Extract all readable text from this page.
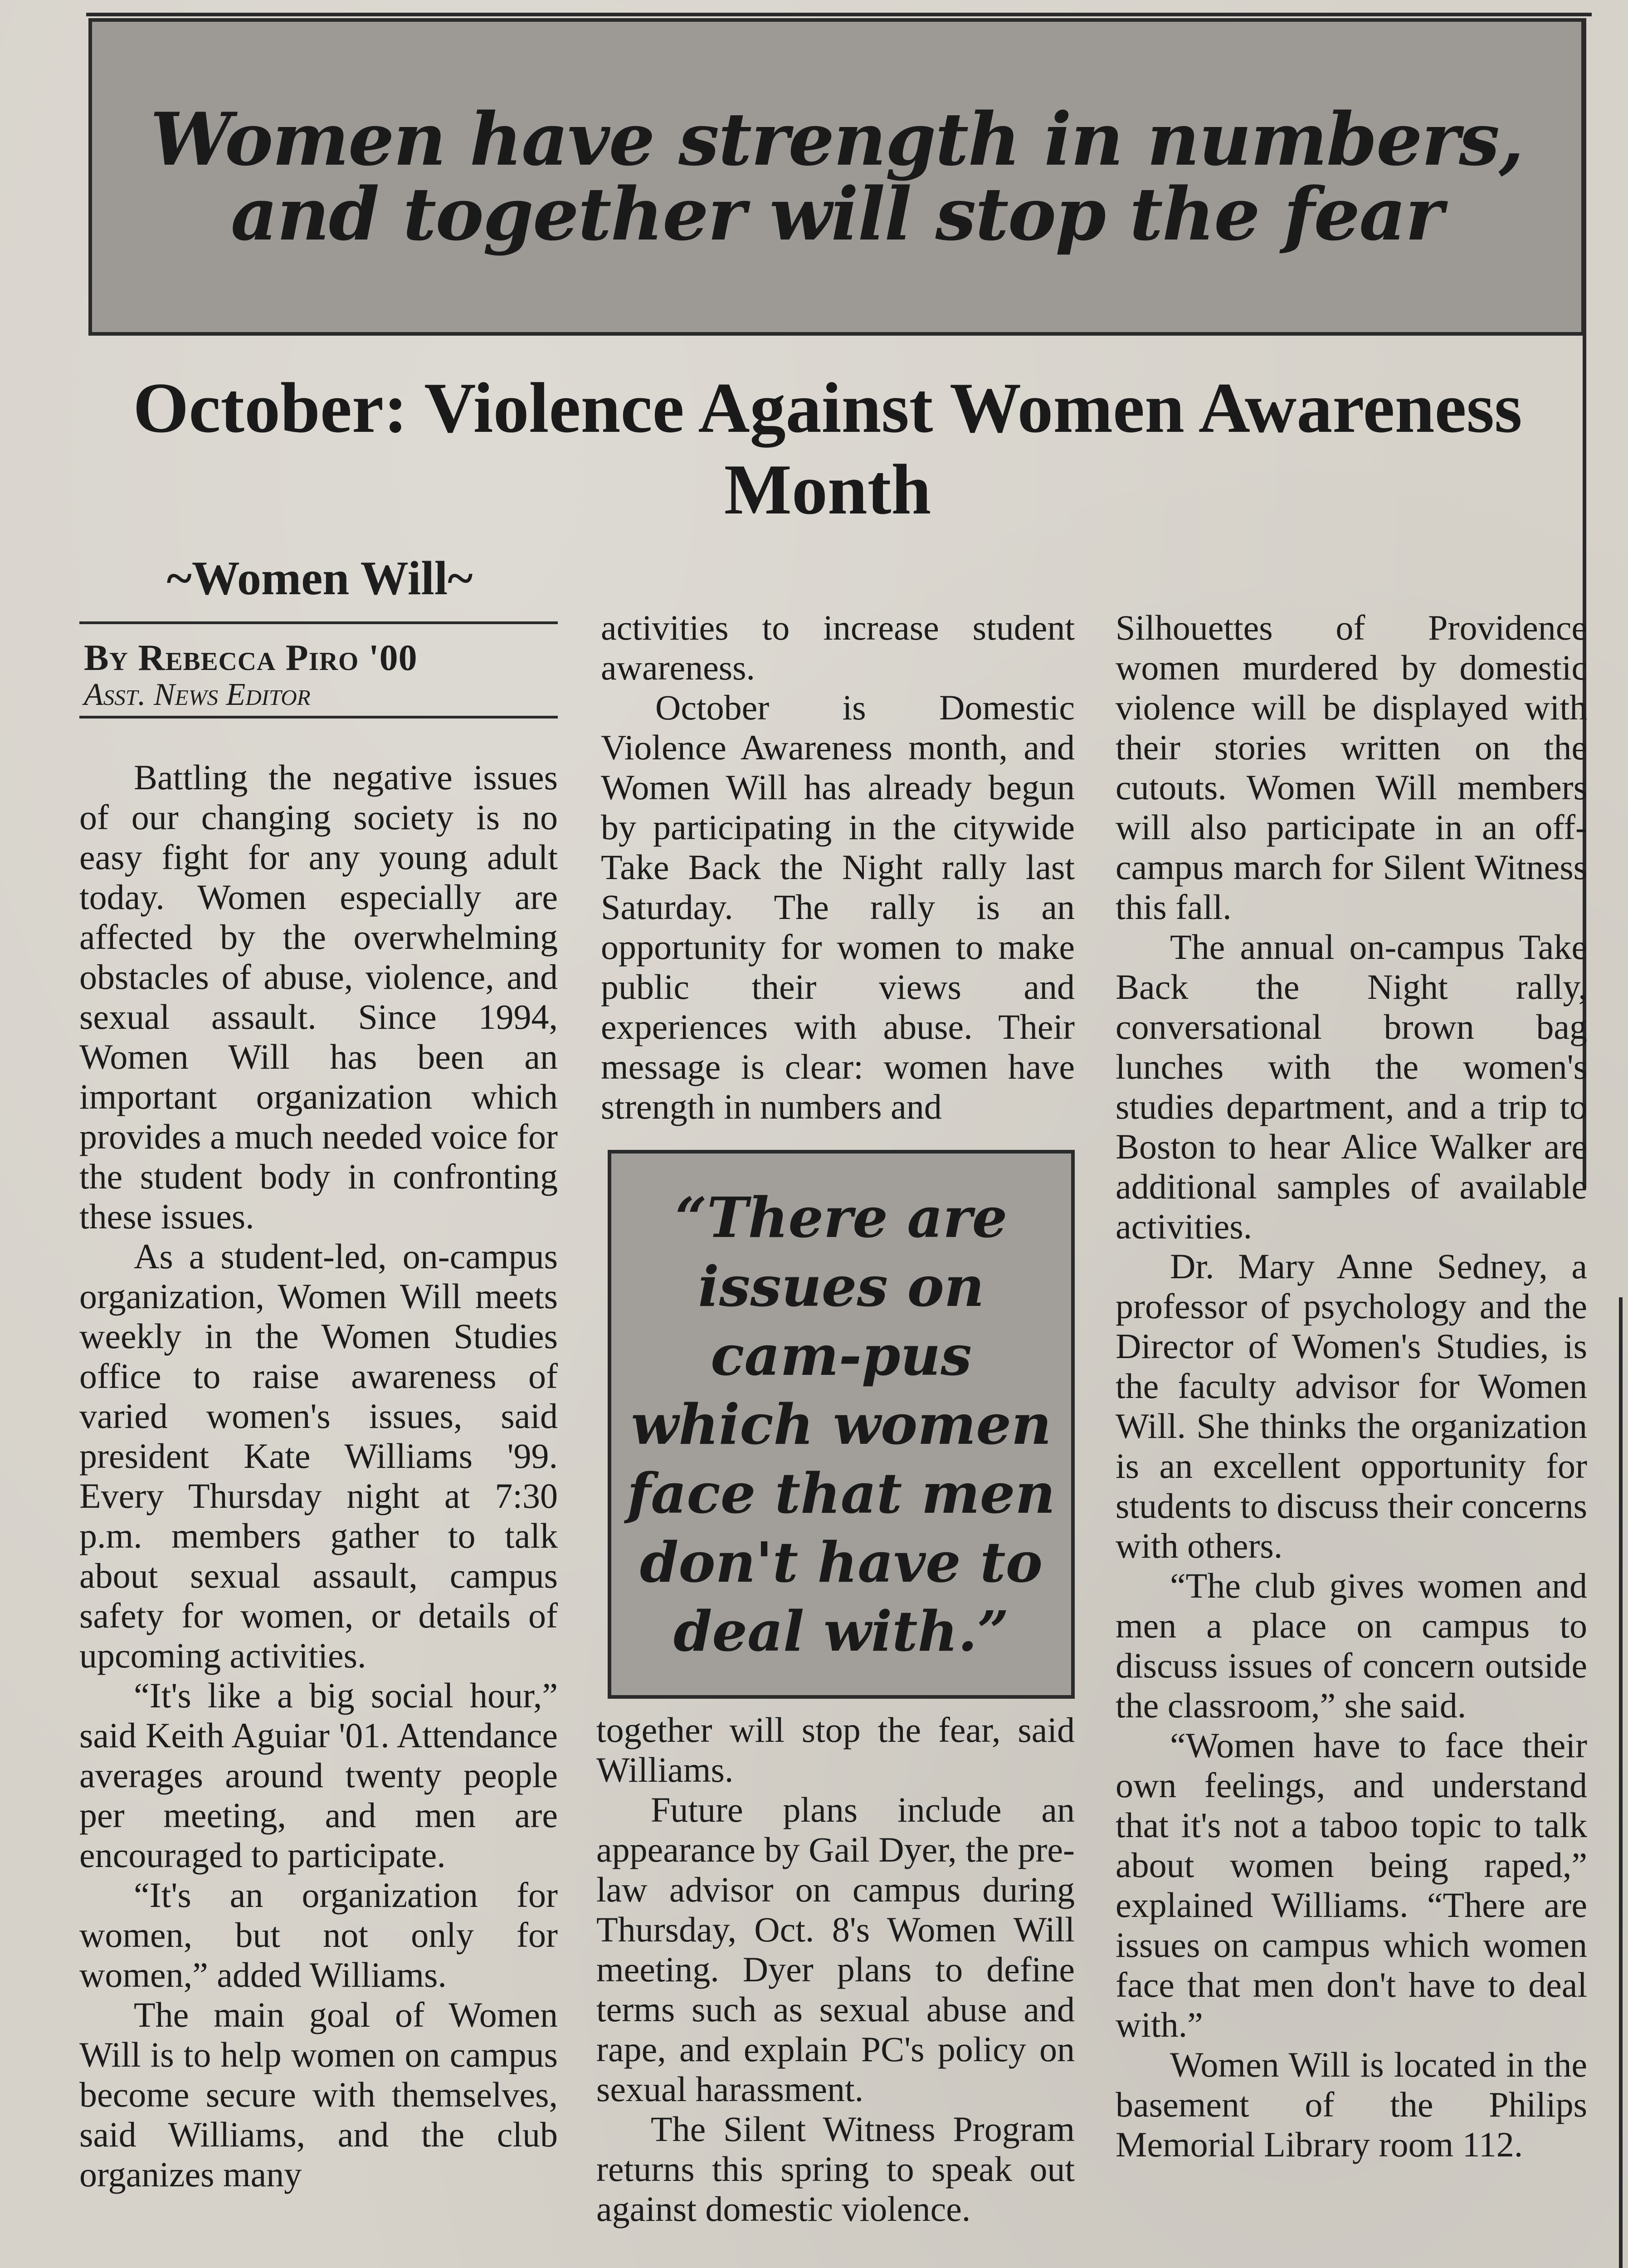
Women have strength in numbers, and together will stop the fear
October: Violence Against Women Awareness Month
~Women Will~
By Rebecca Piro '00
Asst. News Editor

Battling the negative issues of our changing society is no easy fight for any young adult today. Women especially are affected by the overwhelming obstacles of abuse, violence, and sexual assault. Since 1994, Women Will has been an important organization which provides a much needed voice for the student body in confronting these issues.

As a student-led, on-campus organization, Women Will meets weekly in the Women Studies office to raise awareness of varied women's issues, said president Kate Williams '99. Every Thursday night at 7:30 p.m. members gather to talk about sexual assault, campus safety for women, or details of upcoming activities.

“It's like a big social hour,” said Keith Aguiar '01. Attendance averages around twenty people per meeting, and men are encouraged to participate.

“It's an organization for women, but not only for women,” added Williams.

The main goal of Women Will is to help women on campus become secure with themselves, said Williams, and the club organizes many

activities to increase student awareness.

October is Domestic Violence Awareness month, and Women Will has already begun by participating in the citywide Take Back the Night rally last Saturday. The rally is an opportunity for women to make public their views and experiences with abuse. Their message is clear: women have strength in numbers and

“There are issues on cam-pus which women face that men don't have to deal with.”

together will stop the fear, said Williams.

Future plans include an appearance by Gail Dyer, the pre-law advisor on campus during Thursday, Oct. 8's Women Will meeting. Dyer plans to define terms such as sexual abuse and rape, and explain PC's policy on sexual harassment.

The Silent Witness Program returns this spring to speak out against domestic violence.

Silhouettes of Providence women murdered by domestic violence will be displayed with their stories written on the cutouts. Women Will members will also participate in an off-campus march for Silent Witness this fall.

The annual on-campus Take Back the Night rally, conversational brown bag lunches with the women's studies department, and a trip to Boston to hear Alice Walker are additional samples of available activities.

Dr. Mary Anne Sedney, a professor of psychology and the Director of Women's Studies, is the faculty advisor for Women Will. She thinks the organization is an excellent opportunity for students to discuss their concerns with others.

“The club gives women and men a place on campus to discuss issues of concern outside the classroom,” she said.

“Women have to face their own feelings, and understand that it's not a taboo topic to talk about women being raped,” explained Williams. “There are issues on campus which women face that men don't have to deal with.”

Women Will is located in the basement of the Philips Memorial Library room 112.
